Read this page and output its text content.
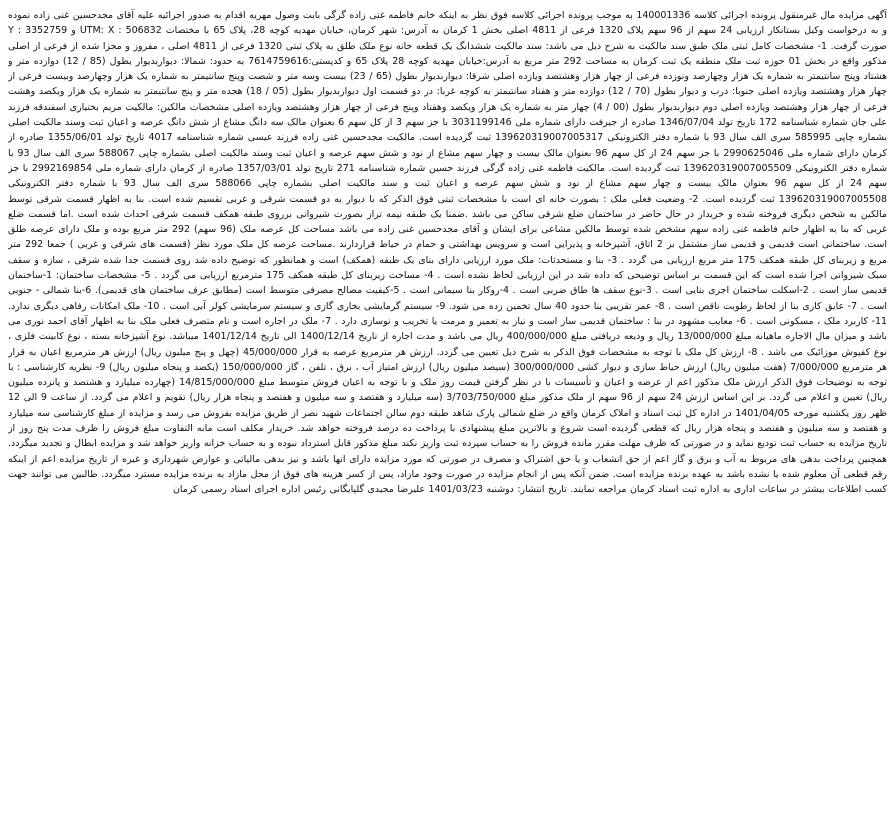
آگهی مزایده مال غیرمنقول پرونده اجرائی کلاسه 140001336 به موجب پرونده اجرائی کلاسه فوق نظر به اینکه خانم فاطمه غنی زاده گرگی بابت وصول مهریه اقدام به صدور اجرائیه علیه آقای مجدحسین غنی زاده نموده و به درخواست وکیل بستانکار ارزیابی 24 سهم از 96 سهم پلاک 1320 فرعی از 4811 اصلی بخش 1 کرمان به آدرس: شهر کرمان، خیابان مهدیه کوچه 28، پلاک 65 با مختصات UTM: X : 506832 و Y : 3352759 صورت گرفت. 1- مشخصات کامل ثبتی ملک طبق سند مالکیت به شرح ذیل می باشد: سند مالکیت ششدانگ یک قطعه خانه نوع ملک طلق به پلاک ثبتی 1320 فرعی از 4811 اصلی ، مفروز و مجزا شده از فرعی از اصلی مذکور واقع در بخش 01 حوزه ثبت ملک منطقه یک ثبت کرمان به مساحت 292 متر مربع به آدرس:خیابان مهدیه کوچه 28 پلاک 65 و کدپستی:7614759616 به حدود: شمالا: دیواربدیوار بطول (85 / 12) دوازده متر و هشتاد وپنج سانتیمتر به شماره یک هزار وچهارصد ونوزده فرعی از چهار هزار وهشتصد ویازده اصلی شرقا: دیواربدیوار بطول (65 / 23) بیست وسه متر و شصت وپنج سانتیمتر به شماره یک هزار وچهارصد وبیست فرعی از چهار هزار وهشتصد ویازده اصلی جنوبا: درب و دیوار بطول (70 / 12) دوازده متر و هفتاد سانتیمتر به کوچه غربا: در دو قسمت اول دیواربدیوار بطول (05 / 18) هجده متر و پنج سانتیمتر به شماره یک هزار ویکصد وهشت فرعی از چهار هزار وهشتصد ویازده اصلی دوم دیواربدیوار بطول (00 / 4) چهار متر به شماره یک هزار ویکصد وهفتاد وپنج فرعی از چهار هزار وهشتصد ویازده اصلی مشخصات مالکین: مالکیت مریم بختیاری اسفندقه فرزند علی جان شماره شناسنامه 172 تاریخ تولد 1346/07/04 صادره از جیرفت دارای شماره ملی 3031199146 با جز سهم 3 از کل سهم 6 بعنوان مالک سه دانگ مشاع از شش دانگ عرصه و اعیان ثبت وسند مالکیت اصلی بشماره چاپی 585995 سری الف سال 93 با شماره دفتر الکترونیکی 139620319007005317 ثبت گردیده است. مالکیت مجدحسین غنی زاده فرزند عیسی شماره شناسنامه 4017 تاریخ تولد 1355/06/01 صادره از کرمان دارای شماره ملی 2990625046 با جز سهم 24 از کل سهم 96 بعنوان مالک بیست و چهار سهم مشاع از نود و شش سهم عرصه و اعیان ثبت وسند مالکیت اصلی بشماره چاپی 588067 سری الف سال 93 با شماره دفتر الکترونیکی 139620319007005509 ثبت گردیده است. مالکیت فاطمه غنی زاده گرگی فرزند حسین شماره شناسنامه 271 تاریخ تولد 1357/03/01 صادره از کرمان دارای شماره ملی 2992169854 با جز سهم 24 از کل سهم 96 بعنوان مالک بیست و چهار سهم مشاع از نود و شش سهم عرصه و اعیان ثبت و سند مالکیت اصلی بشماره چاپی 588066 سری الف سال 93 با شماره دفتر الکترونیکی 139620319007005508 ثبت گردیده است. 2- وضعیت فعلی ملک : بصورت خانه ای است با مشخصات ثبتی فوق الذکر که با دیوار به دو قسمت شرقی و غربی تقسیم شده است. بنا به اظهار قسمت شرقی توسط مالکین به شخص دیگری فروخته شده و خریدار در حال حاضر در ساختمان ضلع شرقی ساکن می باشد .ضمنا یک طبقه نیمه تراز بصورت شیروانی برروی طبقه همکف قسمت شرقی احداث شده است .اما قسمت ضلع غربی که بنا به اظهار خانم فاطمه غنی زاده سهم مشخص شده توسط مالکین مشاعی برای ایشان و آقای مجدحسین غنی زاده می باشد مساحت کل عرصه ملک (96 سهم) 292 متر مربع بوده و ملک دارای عرصه طلق است. ساختمانی است قدیمی و قدیمی ساز مشتمل بر 2 اتاق، آشپزخانه و پذیرایی است و سرویس بهداشتی و حمام در حیاط قراردارند .مساحت عرصه کل ملک مورد نظر (قسمت های شرقی و غربی ) جمعا 292 متر مربع و زیربنای کل طبقه همکف 175 متر مربع ارزیابی می گردد . 3- بنا و مستحدثات: ملک مورد ارزیابی دارای بنای یک طبقه (همکف) است و همانطور که توضیح داده شد روی قسمت جدا شده شرقی ، سازه و سقف سبک شیروانی اجرا شده است که این قسمت بر اساس توضیحی که داده شد در این ارزیابی لحاظ نشده است . 4- مساحت زیربنای کل طبقه همکف 175 مترمربع ارزیابی می گردد . 5- مشخصات ساختمان: 1-ساختمان قدیمی ساز است . 2-اسکلت ساختمان اجری بنایی است . 3-نوع سقف ها طاق ضربی است . 4-روکار بنا سیمانی است . 5-کیفیت مصالح مصرفی متوسط است (مطابق عرف ساختمان های قدیمی). 6-بنا شمالی - جنوبی است . 7- عایق کاری بنا از لحاظ رطوبت ناقص است . 8- عمر تقریبی بنا حدود 40 سال تخمین زده می شود. 9- سیستم گرمایشی بخاری گازی و سیستم سرمایشی کولر آبی است . 10- ملک امکانات رفاهی دیگری ندارد. 11- کاربرد ملک ، مسکونی است . 6- معایب مشهود در بنا : ساختمان قدیمی ساز است و نیاز به تعمیر و مرمت یا تخریب و نوسازی دارد . 7- ملک در اجاره است و نام متصرف فعلی ملک بنا به اظهار آقای احمد نوری می باشد و میزان مال الاجاره ماهیانه مبلغ 13/000/000 ریال و ودیعه دریافتی مبلغ 400/000/000 ریال می باشد و مدت اجاره از تاریخ 1400/12/14 الی تاریخ 1401/12/14 میباشد. نوع آشپزخانه بسته ، نوع کابینت فلزی ، نوع کفپوش موزائیک می باشد . 8- ارزش کل ملک با توجه به مشخصات فوق الذکر به شرح ذیل تعیین می گردد. ارزش هر مترمربع عرصه به قرار 45/000/000 (چهل و پنج میلیون ریال) ارزش هر مترمربع اعیان به قرار هر مترمربع 7/000/000 (هفت میلیون ریال) ارزش حیاط سازی و دیوار کشی 300/000/000 (سیصد میلیون ریال) ارزش امتیاز آب ، برق ، تلفن ، گاز 150/000/000 (یکصد و پنجاه میلیون ریال) 9- نظریه کارشناسی : با توجه به توضیحات فوق الذکر ارزش ملک مذکور اعم از عرصه و اعیان و تأسیسات با در نظر گرفتن قیمت روز ملک و با توجه به اعیان فروش متوسط مبلغ 14/815/000/000 (چهارده میلیارد و هشتصد و پانزده میلیون ریال) تعیین و اعلام می گردد. بر این اساس ارزش 24 سهم از 96 سهم از ملک مذکور مبلغ 3/703/750/000 (سه میلیارد و هفتصد و سه میلیون و هفتصد و پنجاه هزار ریال) تقویم و اعلام می گردد. از ساعت 9 الی 12 ظهر روز یکشنبه مورخه 1401/04/05 در اداره کل ثبت اسناد و املاک کرمان واقع در ضلع شمالی پارک شاهد طبقه دوم سالن اجتماعات شهید نصر از طریق مزایده بفروش می رسد و مزایده از مبلغ کارشناسی سه میلیارد و هفتصد و سه میلیون و هفتصد و پنجاه هزار ریال که قطعی گردیده است شروع و بالاترین مبلغ پیشنهادی با پرداخت ده درصد فروخته خواهد شد. خریدار مکلف است مابه التفاوت مبلغ فروش را ظرف مدت پنج روز از تاریخ مزایده به حساب ثبت تودیع نماید و در صورتی که ظرف مهلت مقرر مانده فروش را به حساب سپرده ثبت واریز نکند مبلغ مذکور قابل استرداد نبوده و به حساب خزانه واریز خواهد شد و مزایده ابطال و تجدید میگردد. همچنین پرداخت بدهی های مربوط به آب و برق و گاز اعم از حق انشعاب و یا حق اشتراک و مصرف در صورتی که مورد مزایده دارای انها باشد و نیز بدهی مالیاتی و عوارض شهرداری و غیره از تاریخ مزایده اعم از اینکه رقم قطعی آن معلوم شده یا نشده باشد به عهده برنده مزایده است. ضمن آنکه پس از انجام مزایده در صورت وجود مازاد، پس از کسر هزینه های فوق از محل مازاد به برنده مزایده مسترد میگردد. طالبین می توانند جهت کسب اطلاعات بیشتر در ساعات اداری به اداره ثبت اسناد کرمان مراجعه نمایند. تاریخ انتشار: دوشنبه 1401/03/23 علیرضا مجیدی گلپایگانی رئیس اداره اجرای اسناد رسمی کرمان
